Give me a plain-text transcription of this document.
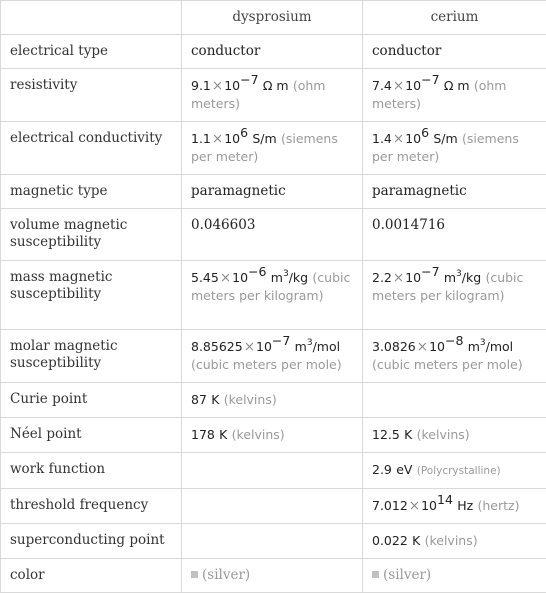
	dysprosium	cerium
electrical type	conductor	conductor
resistivity	$9.1\times 10^{-7}$ Ω m (ohm meters)	$7.4\times 10^{-7}$ Ω m (ohm meters)
electrical conductivity	$1.1\times 10^6$ S/m (siemens per meter)	$1.4\times 10^6$ S/m (siemens per meter)
magnetic type	paramagnetic	paramagnetic
volume magnetic susceptibility	0.046603	0.0014716
mass magnetic susceptibility	$5.45\times 10^{-6}$ $m^3/kg$ (cubic meters per kilogram)	$2.2\times 10^{-7}$ $m^3/kg$ (cubic meters per kilogram)
molar magnetic susceptibility	$8.85625\times 10^{-7}$ $m^3$/mol (cubic meters per mole)	$3.0826\times 10^{-8}$ $m^3$/mol (cubic meters per mole)
Curie point	87 K (kelvins)	
Néel point	178 K (kelvins)	12.5 K (kelvins)
work function		2.9 eV (Polycrystalline)
threshold frequency		$7.012\times 10^{14}$ Hz (hertz)
superconducting point		0.022 K (kelvins)
color	(silver)	(silver)
